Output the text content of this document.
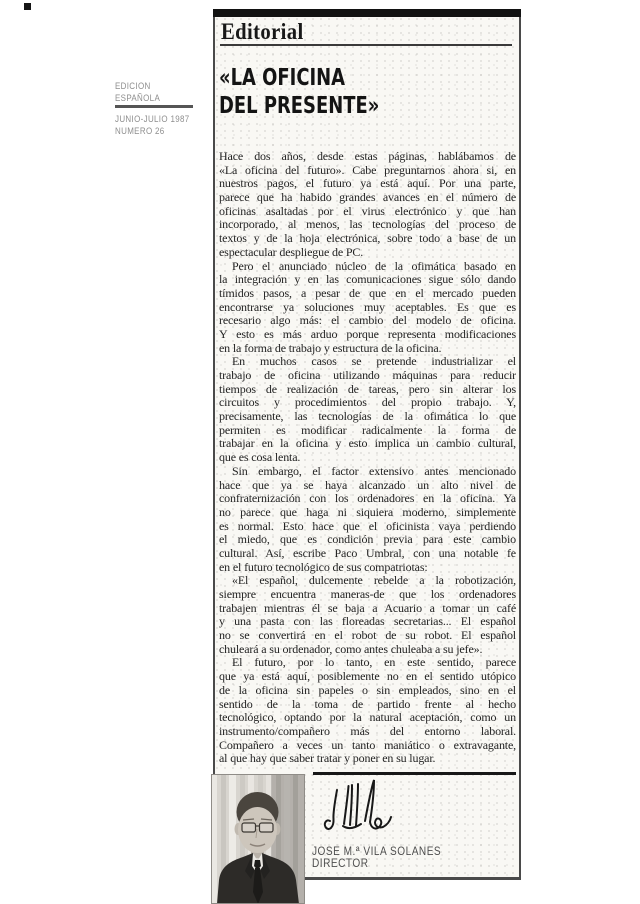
EDICION
ESPAÑOLA
JUNIO-JULIO 1987
NUMERO 26
Editorial
«LA OFICINA
DEL PRESENTE»
Hace dos años, desde estas páginas, hablábamos de
«La oficina del futuro». Cabe preguntarnos ahora si, en
nuestros pagos, el futuro ya está aquí. Por una parte,
parece que ha habido grandes avances en el número de
oficinas asaltadas por el virus electrónico y que han
incorporado, al menos, las tecnologías del proceso de
textos y de la hoja electrónica, sobre todo a base de un
espectacular despliegue de PC.
Pero el anunciado núcleo de la ofimática basado en
la integración y en las comunicaciones sigue sólo dando
tímidos pasos, a pesar de que en el mercado pueden
encontrarse ya soluciones muy aceptables. Es que es
recesario algo más: el cambio del modelo de oficina.
Y esto es más arduo porque representa modificaciones
en la forma de trabajo y estructura de la oficina.
En muchos casos se pretende industrializar el
trabajo de oficina utilizando máquinas para reducir
tiempos de realización de tareas, pero sin alterar los
circuitos y procedimientos del propio trabajo. Y,
precisamente, las tecnologías de la ofimática lo que
permiten es modificar radicalmente la forma de
trabajar en la oficina y esto implica un cambio cultural,
que es cosa lenta.
Sin embargo, el factor extensivo antes mencionado
hace que ya se haya alcanzado un alto nivel de
confraternización con los ordenadores en la oficina. Ya
no parece que haga ni siquiera moderno, simplemente
es normal. Esto hace que el oficinista vaya perdiendo
el miedo, que es condición previa para este cambio
cultural. Así, escribe Paco Umbral, con una notable fe
en el futuro tecnológico de sus compatriotas:
«El español, dulcemente rebelde a la robotización,
siempre encuentra maneras-de que los ordenadores
trabajen mientras él se baja a Acuario a tomar un café
y una pasta con las floreadas secretarias... El español
no se convertirá en el robot de su robot. El español
chuleará a su ordenador, como antes chuleaba a su jefe».
El futuro, por lo tanto, en este sentido, parece
que ya está aquí, posiblemente no en el sentido utópico
de la oficina sin papeles o sin empleados, sino en el
sentido de la toma de partido frente al hecho
tecnológico, optando por la natural aceptación, como un
instrumento/compañero más del entorno laboral.
Compañero a veces un tanto maniático o extravagante,
al que hay que saber tratar y poner en su lugar.
JOSE M.ª VILA SOLANES
DIRECTOR
